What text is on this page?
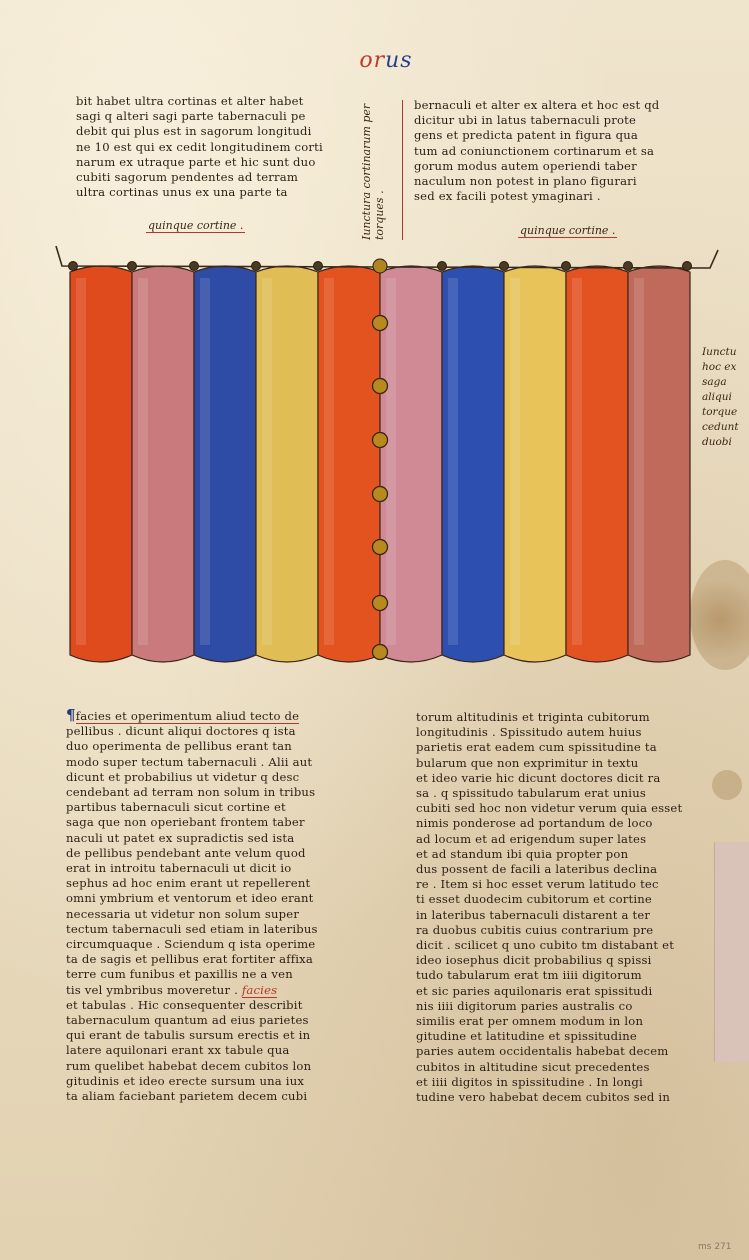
orus

bit habet ultra cortinas et alter habet

sagi q alteri sagi parte tabernaculi pe

debit qui plus est in sagorum longitudi

ne 10 est qui ex cedit longitudinem corti

narum ex utraque parte et hic sunt duo

cubiti sagorum pendentes ad terram

ultra cortinas unus ex una parte ta

quinque cortine .	Iunctura cortinarum per torques .

bernaculi et alter ex altera et hoc est qd

dicitur ubi in latus tabernaculi prote

gens et predicta patent in figura qua

tum ad coniunctionem cortinarum et sa

gorum modus autem operiendi taber

naculum non potest in plano figurari

sed ex facili potest ymaginari .

quinque cortine .

Iunctu

hoc ex

saga

aliqui

torque

cedunt

duobi

¶facies et operimentum aliud tecto de

pellibus . dicunt aliqui doctores q ista

duo operimenta de pellibus erant tan

modo super tectum tabernaculi . Alii aut

dicunt et probabilius ut videtur q desc

cendebant ad terram non solum in tribus

partibus tabernaculi sicut cortine et

saga que non operiebant frontem taber

naculi ut patet ex supradictis sed ista

de pellibus pendebant ante velum quod

erat in introitu tabernaculi ut dicit io

sephus ad hoc enim erant ut repellerent

omni ymbrium et ventorum et ideo erant

necessaria ut videtur non solum super

tectum tabernaculi sed etiam in lateribus

circumquaque . Sciendum q ista operime

ta de sagis et pellibus erat fortiter affixa

terre cum funibus et paxillis ne a ven

tis vel ymbribus moveretur . facies

et tabulas . Hic consequenter describit

tabernaculum quantum ad eius parietes

qui erant de tabulis sursum erectis et in

latere aquilonari erant xx tabule qua

rum quelibet habebat decem cubitos lon

gitudinis et ideo erecte sursum una iux

ta aliam faciebant parietem decem cubi

torum altitudinis et triginta cubitorum

longitudinis . Spissitudo autem huius

parietis erat eadem cum spissitudine ta

bularum que non exprimitur in textu

et ideo varie hic dicunt doctores dicit ra

sa . q spissitudo tabularum erat unius

cubiti sed hoc non videtur verum quia esset

nimis ponderose ad portandum de loco

ad locum et ad erigendum super lates

et ad standum ibi quia propter pon

dus possent de facili a lateribus declina

re . Item si hoc esset verum latitudo tec

ti esset duodecim cubitorum et cortine

in lateribus tabernaculi distarent a ter

ra duobus cubitis cuius contrarium pre

dicit . scilicet q uno cubito tm distabant et

ideo iosephus dicit probabilius q spissi

tudo tabularum erat tm iiii digitorum

et sic paries aquilonaris erat spissitudi

nis iiii digitorum paries australis co

similis erat per omnem modum in lon

gitudine et latitudine et spissitudine

paries autem occidentalis habebat decem

cubitos in altitudine sicut precedentes

et iiii digitos in spissitudine . In longi

tudine vero habebat decem cubitos sed in

ms 271
